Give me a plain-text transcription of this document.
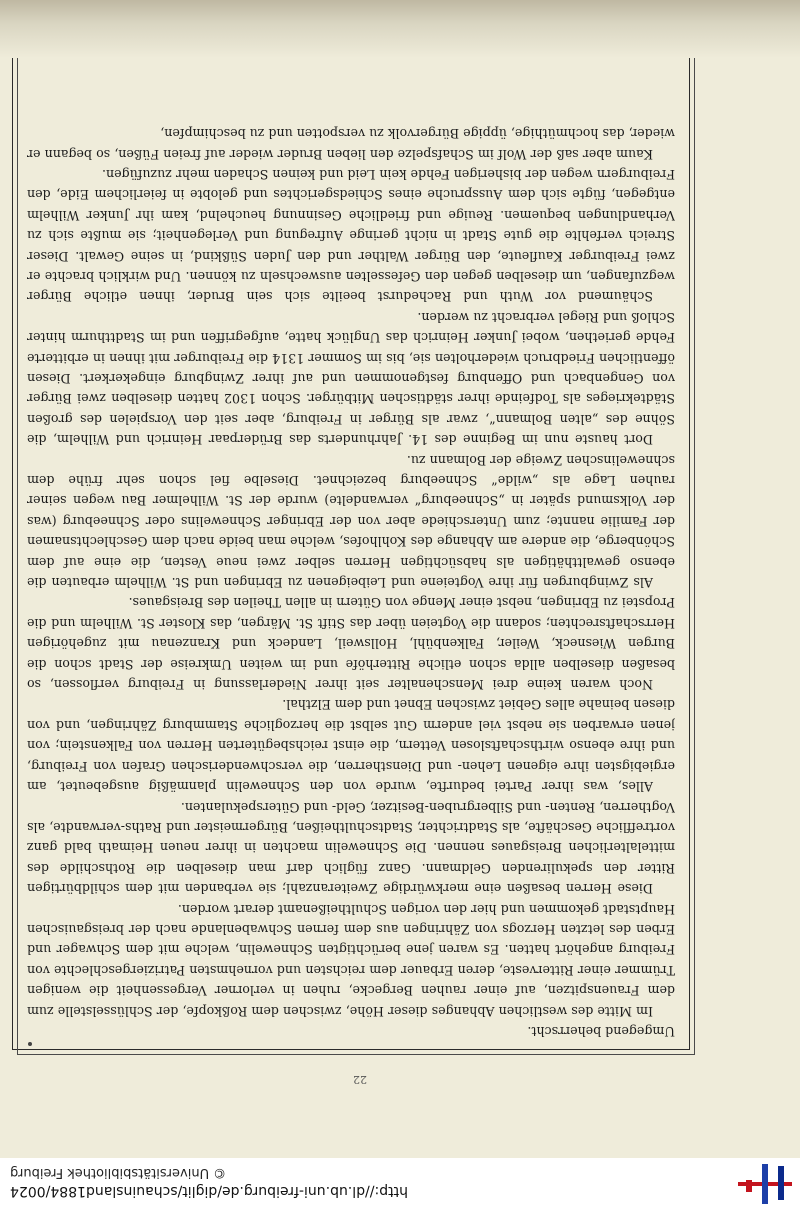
http://dl.ub.uni-freiburg.de/diglit/schauinsland1884/0024
©Universitätsbibliothek Freiburg
22

Umgegend beherrscht.

Im Mitte des westlichen Abhanges dieser Höhe, zwischen dem Roßkopfe, der Schlüsselstelle zum dem Frauenspitzen, auf einer rauhen Bergecke, ruhen in verlorner Vergessenheit die wenigen Trümmer einer Ritterveste, deren Erbauer dem reichsten und vornehmsten Patriziergeschlechte von Freiburg angehört hatten. Es waren jene berüchtigten Schnewelin, welche mit dem Schwager und Erben des letzten Herzogs von Zähringen aus dem fernen Schwabenlande nach der breisgauischen Hauptstadt gekommen und hier den vorigen Schultheißenamt derart worden.

Diese Herren besaßen eine merkwürdige Zweiteranzahl; sie verbanden mit dem schildbürtigen Ritter den spekulirenden Geldmann. Ganz füglich darf man dieselben die Rothschilde des mittelalterlichen Breisgaues nennen. Die Schnewelin machten in ihrer neuen Heimath bald ganz vortreffliche Geschäfte, als Stadtrichter, Stadtschultheißen, Bürgermeister und Raths-verwandte, als Vogtherren, Renten- und Silbergruben-Besitzer, Geld- und Güterspekulanten.

Alles, was ihrer Partei bedurfte, wurde von den Schnewelin planmäßig ausgebeutet, am ergiebigsten ihre eigenen Lehen- und Dienstherren, die verschwenderischen Grafen von Freiburg, und ihre ebenso wirthschaftslosen Vettern, die einst reichsbegüterten Herren von Falkenstein; von jenen erwarben sie nebst viel anderm Gut selbst die herzogliche Stammburg Zähringen, und von diesen beinahe alles Gebiet zwischen Ebnet und dem Elzthal.

Noch waren keine drei Menschenalter seit ihrer Niederlassung in Freiburg verflossen, so besaßen dieselben allda schon etliche Ritterhöfe und im weiten Umkreise der Stadt schon die Burgen Wiesneck, Weiler, Falkenbühl, Hollsweil, Landeck und Kranzenau mit zugehörigen Herrschaftsrechten; sodann die Vogteien über das Stift St. Märgen, das Kloster St. Wilhelm und die Propstei zu Ebringen, nebst einer Menge von Gütern in allen Theilen des Breisgaues.

Als Zwingburgen für ihre Vogteiene und Leibeigenen zu Ebringen und St. Wilhelm erbauten die ebenso gewaltthätigen als habsüchtigen Herren selber zwei neue Vesten, die eine auf dem Schönberge, die andere am Abhange des Kohlhofes, welche man beide nach dem Geschlechtsnamen der Familie nannte; zum Unterschiede aber von der Ebringer Schnewelins oder Schneeburg (was der Volksmund später in „Schneeburg“ verwandelte) wurde der St. Wilhelmer Bau wegen seiner rauhen Lage als „wilde“ Schneeburg bezeichnet. Dieselbe fiel schon sehr frühe dem schnewelinschen Zweige der Bolmann zu.

Dort hauste nun im Beginne des 14. Jahrhunderts das Brüderpaar Heinrich und Wilhelm, die Söhne des „alten Bolmann“, zwar als Bürger in Freiburg, aber seit den Vorspielen des großen Städtekrieges als Todfeinde ihrer städtischen Mitbürger. Schon 1302 hatten dieselben zwei Bürger von Gengenbach und Offenburg festgenommen und auf ihrer Zwingburg eingekerkert. Diesen öffentlichen Friedbruch wiederholten sie, bis im Sommer 1314 die Freiburger mit ihnen in erbitterte Fehde geriethen, wobei Junker Heinrich das Unglück hatte, aufgegriffen und im Stadtthurm hinter Schloß und Riegel verbracht zu werden.

Schäumend vor Wuth und Rachedurst beeilte sich sein Bruder, ihnen etliche Bürger wegzufangen, um dieselben gegen den Gefesselten auswechseln zu können. Und wirklich brachte er zwei Freiburger Kaufleute, den Bürger Walther und den Juden Süßkind, in seine Gewalt. Dieser Streich verfehlte die gute Stadt in nicht geringe Aufregung und Verlegenheit; sie mußte sich zu Verhandlungen bequemen. Reuige und friedliche Gesinnung heuchelnd, kam ihr Junker Wilhelm entgegen, fügte sich dem Ausspruche eines Schiedsgerichtes und gelobte in feierlichem Eide, den Freiburgern wegen der bisherigen Fehde kein Leid und keinen Schaden mehr zuzufügen.

Kaum aber saß der Wolf im Schafspelze den lieben Bruder wieder auf freien Füßen, so begann er wieder, das hochmüthige, üppige Bürgervolk zu verspotten und zu beschimpfen,
